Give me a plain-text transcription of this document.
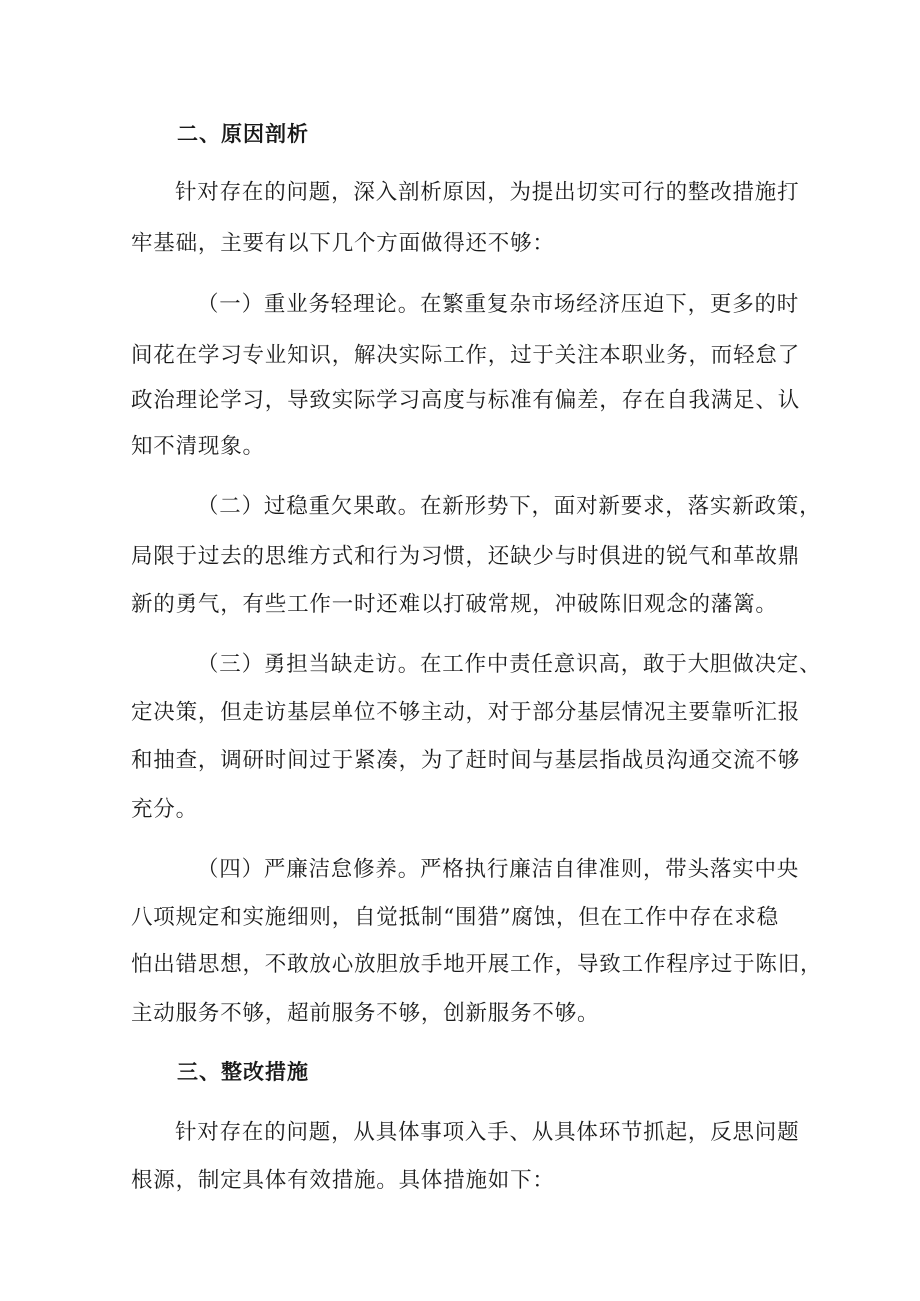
二、原因剖析
针对存在的问题，深入剖析原因，为提出切实可行的整改措施打
牢基础，主要有以下几个方面做得还不够：
（一）重业务轻理论。在繁重复杂市场经济压迫下，更多的时
间花在学习专业知识，解决实际工作，过于关注本职业务，而轻怠了
政治理论学习，导致实际学习高度与标准有偏差，存在自我满足、认
知不清现象。
（二）过稳重欠果敢。在新形势下，面对新要求，落实新政策，
局限于过去的思维方式和行为习惯，还缺少与时俱进的锐气和革故鼎
新的勇气，有些工作一时还难以打破常规，冲破陈旧观念的藩篱。
（三）勇担当缺走访。在工作中责任意识高，敢于大胆做决定、
定决策，但走访基层单位不够主动，对于部分基层情况主要靠听汇报
和抽查，调研时间过于紧凑，为了赶时间与基层指战员沟通交流不够
充分。
（四）严廉洁怠修养。严格执行廉洁自律准则，带头落实中央
八项规定和实施细则，自觉抵制“围猎”腐蚀，但在工作中存在求稳
怕出错思想，不敢放心放胆放手地开展工作，导致工作程序过于陈旧，
主动服务不够，超前服务不够，创新服务不够。
三、整改措施
针对存在的问题，从具体事项入手、从具体环节抓起，反思问题
根源，制定具体有效措施。具体措施如下：
